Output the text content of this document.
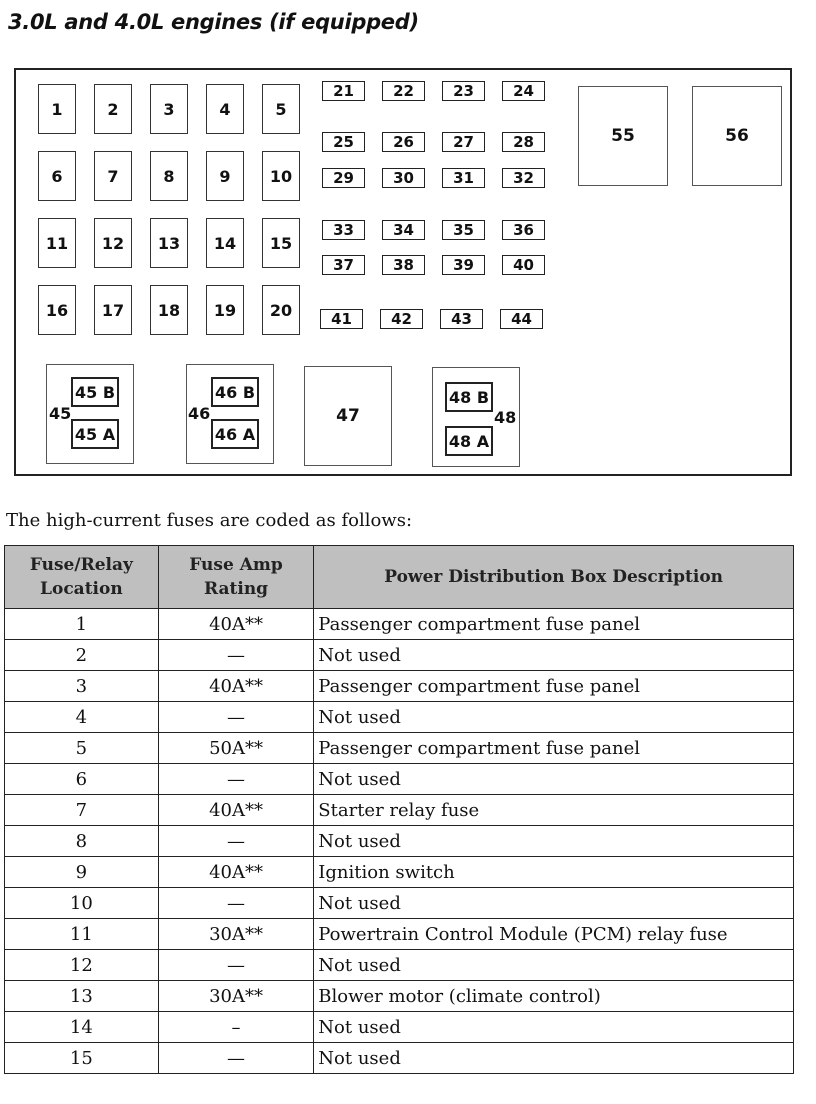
3.0L and 4.0L engines (if equipped)
1	2	3	4	5
6	7	8	9	10
11	12	13	14	15
16	17	18	19	20
21	22	23	24
25	26	27	28
29	30	31	32
33	34	35	36
37	38	39	40
41	42	43	44
55	56
47
45 B
45 A
45
46 B
46 A
46
48 B
48 A
48
The high-current fuses are coded as follows:
Fuse/Relay Location	Fuse Amp Rating	Power Distribution Box Description
1	40A**	Passenger compartment fuse panel
2	—	Not used
3	40A**	Passenger compartment fuse panel
4	—	Not used
5	50A**	Passenger compartment fuse panel
6	—	Not used
7	40A**	Starter relay fuse
8	—	Not used
9	40A**	Ignition switch
10	—	Not used
11	30A**	Powertrain Control Module (PCM) relay fuse
12	—	Not used
13	30A**	Blower motor (climate control)
14	–	Not used
15	—	Not used
